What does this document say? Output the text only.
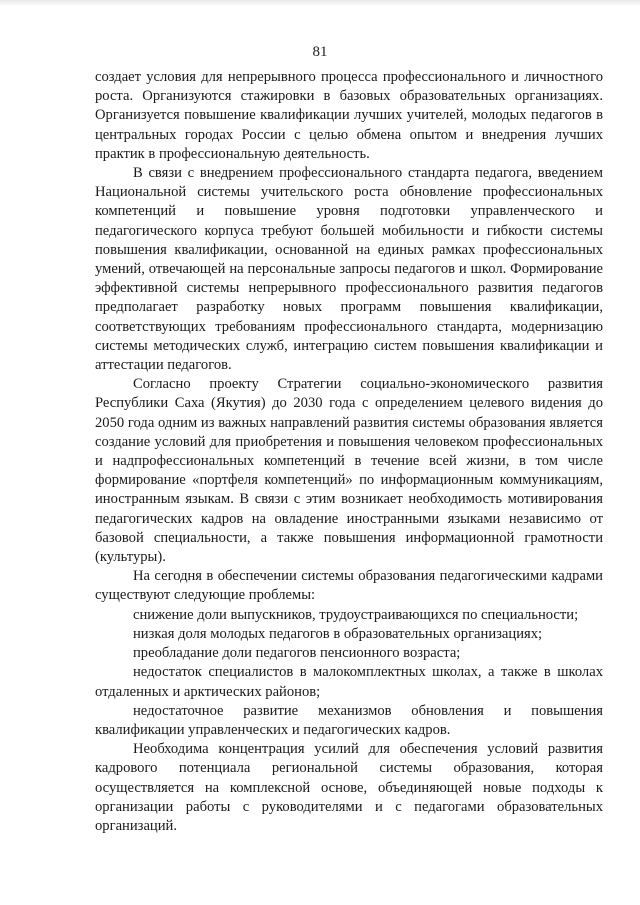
81

создает условия для непрерывного процесса профессионального и личностного роста. Организуются стажировки в базовых образовательных организациях. Организуется повышение квалификации лучших учителей, молодых педагогов в центральных городах России с целью обмена опытом и внедрения лучших практик в профессиональную деятельность.

В связи с внедрением профессионального стандарта педагога, введением Национальной системы учительского роста обновление профессиональных компетенций и повышение уровня подготовки управленческого и педагогического корпуса требуют большей мобильности и гибкости системы повышения квалификации, основанной на единых рамках профессиональных умений, отвечающей на персональные запросы педагогов и школ. Формирование эффективной системы непрерывного профессионального развития педагогов предполагает разработку новых программ повышения квалификации, соответствующих требованиям профессионального стандарта, модернизацию системы методических служб, интеграцию систем повышения квалификации и аттестации педагогов.

Согласно проекту Стратегии социально-экономического развития Республики Саха (Якутия) до 2030 года с определением целевого видения до 2050 года одним из важных направлений развития системы образования является создание условий для приобретения и повышения человеком профессиональных и надпрофессиональных компетенций в течение всей жизни, в том числе формирование «портфеля компетенций» по информационным коммуникациям, иностранным языкам. В связи с этим возникает необходимость мотивирования педагогических кадров на овладение иностранными языками независимо от базовой специальности, а также повышения информационной грамотности (культуры).

На сегодня в обеспечении системы образования педагогическими кадрами существуют следующие проблемы:

снижение доли выпускников, трудоустраивающихся по специальности;

низкая доля молодых педагогов в образовательных организациях;

преобладание доли педагогов пенсионного возраста;

недостаток специалистов в малокомплектных школах, а также в школах отдаленных и арктических районов;

недостаточное развитие механизмов обновления и повышения квалификации управленческих и педагогических кадров.

Необходима концентрация усилий для обеспечения условий развития кадрового потенциала региональной системы образования, которая осуществляется на комплексной основе, объединяющей новые подходы к организации работы с руководителями и с педагогами образовательных организаций.
